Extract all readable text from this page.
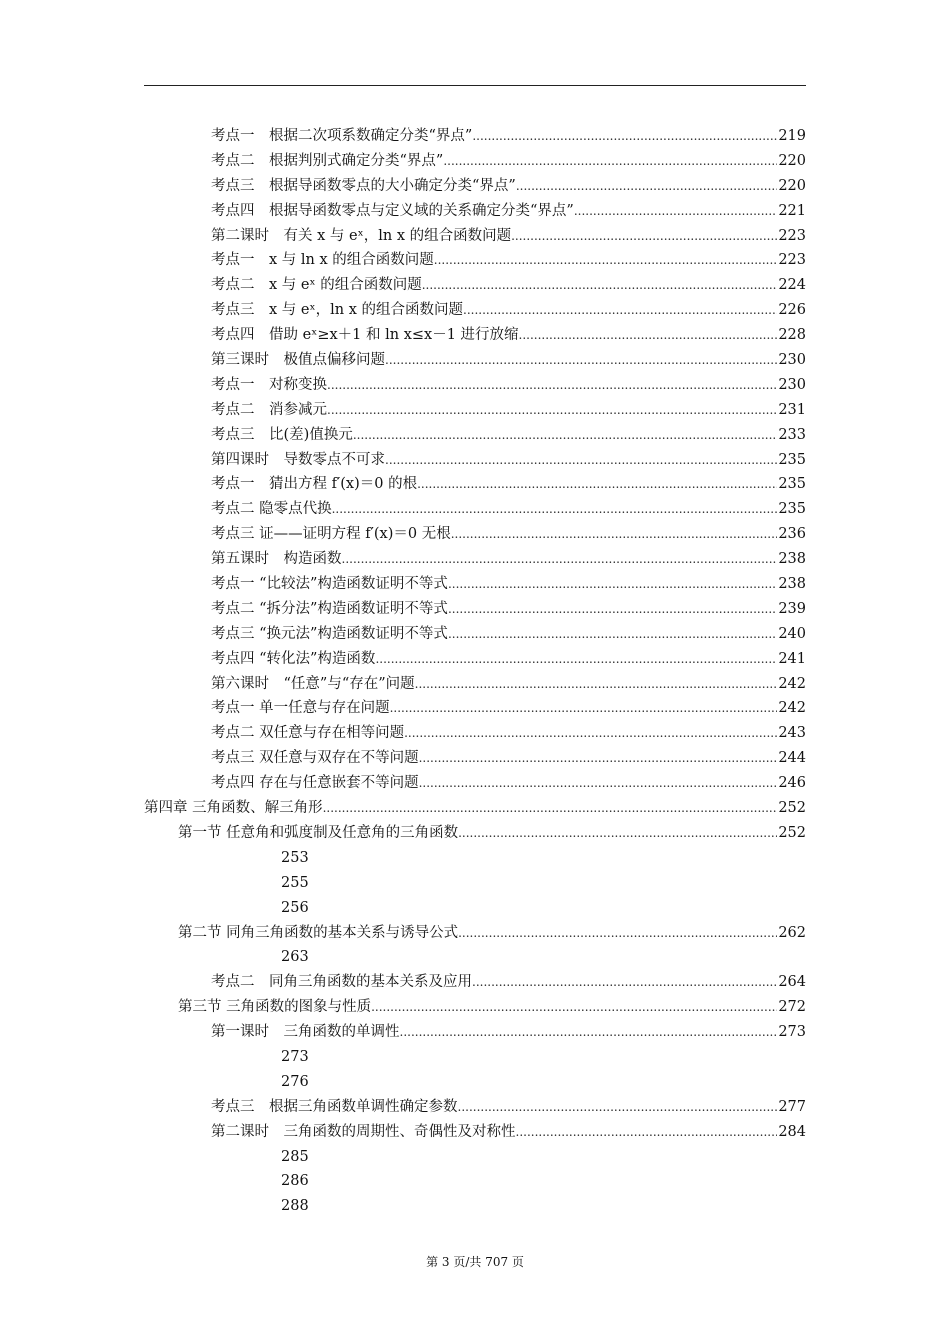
考点一　根据二次项系数确定分类“界点” .....	219
考点二　根据判别式确定分类“界点” .....	220
考点三　根据导函数零点的大小确定分类“界点” .....	220
考点四　根据导函数零点与定义域的关系确定分类“界点” .....	221
第二课时　有关 x 与 eˣ，ln x 的组合函数问题 .....	223
考点一　x 与 ln x 的组合函数问题 .....	223
考点二　x 与 eˣ 的组合函数问题 .....	224
考点三　x 与 eˣ，ln x 的组合函数问题 .....	226
考点四　借助 eˣ≥x＋1 和 ln x≤x－1 进行放缩 .....	228
第三课时　极值点偏移问题 .....	230
考点一　对称变换 .....	230
考点二　消参减元 .....	231
考点三　比(差)值换元 .....	233
第四课时　导数零点不可求 .....	235
考点一　猜出方程 f′(x)＝0 的根 .....	235
考点二 隐零点代换 .....	235
考点三 证——证明方程 f′(x)＝0 无根 .....	236
第五课时　构造函数 .....	238
考点一 “比较法”构造函数证明不等式 .....	238
考点二 “拆分法”构造函数证明不等式 .....	239
考点三 “换元法”构造函数证明不等式 .....	240
考点四 “转化法”构造函数 .....	241
第六课时　“任意”与“存在”问题 .....	242
考点一 单一任意与存在问题 .....	242
考点二 双任意与存在相等问题 .....	243
考点三 双任意与双存在不等问题 .....	244
考点四 存在与任意嵌套不等问题 .....	246
第四章 三角函数、解三角形 .....	252
第一节 任意角和弧度制及任意角的三角函数 .....	252
253
255
256
第二节 同角三角函数的基本关系与诱导公式 .....	262
263
考点二　同角三角函数的基本关系及应用 .....	264
第三节 三角函数的图象与性质 .....	272
第一课时　三角函数的单调性 .....	273
273
276
考点三　根据三角函数单调性确定参数 .....	277
第二课时　三角函数的周期性、奇偶性及对称性 .....	284
285
286
288
第 3 页/共 707 页
